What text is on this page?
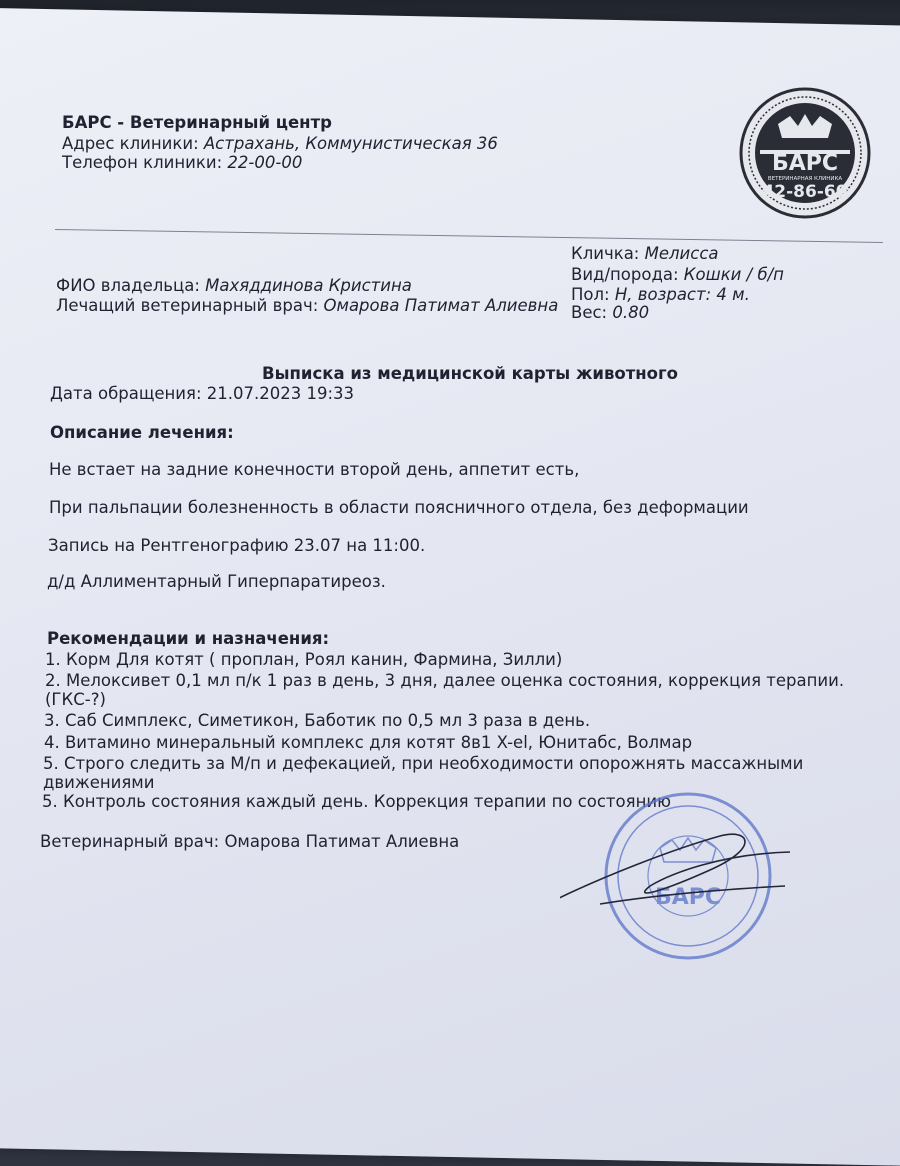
БАРС - Ветеринарный центр
Адрес клиники: Астрахань, Коммунистическая 36
Телефон клиники: 22-00-00	БАРС
ВЕТЕРИНАРНАЯ КЛИНИКА
42-86-60
Кличка: Мелисса
Вид/порода: Кошки / б/п
Пол: Н, возраст: 4 м.
Вес: 0.80
ФИО владельца: Махяддинова Кристина
Лечащий ветеринарный врач: Омарова Патимат Алиевна
Выписка из медицинской карты животного
Дата обращения: 21.07.2023 19:33
Описание лечения:
Не встает на задние конечности второй день, аппетит есть,
При пальпации болезненность в области поясничного отдела, без деформации
Запись на Рентгенографию 23.07 на 11:00.
д/д Аллиментарный Гиперпаратиреоз.
Рекомендации и назначения:
1. Корм Для котят ( проплан, Роял канин, Фармина, Зилли)
2. Мелоксивет 0,1 мл п/к 1 раз в день, 3 дня, далее оценка состояния, коррекция терапии.
(ГКС-?)
3. Саб Симплекс, Симетикон, Баботик по 0,5 мл 3 раза в день.
4. Витамино минеральный комплекс для котят 8в1 X-el, Юнитабс, Волмар
5. Строго следить за М/п и дефекацией, при необходимости опорожнять массажными
движениями
5. Контроль состояния каждый день. Коррекция терапии по состоянию
Ветеринарный врач: Омарова Патимат Алиевна
БАРС
